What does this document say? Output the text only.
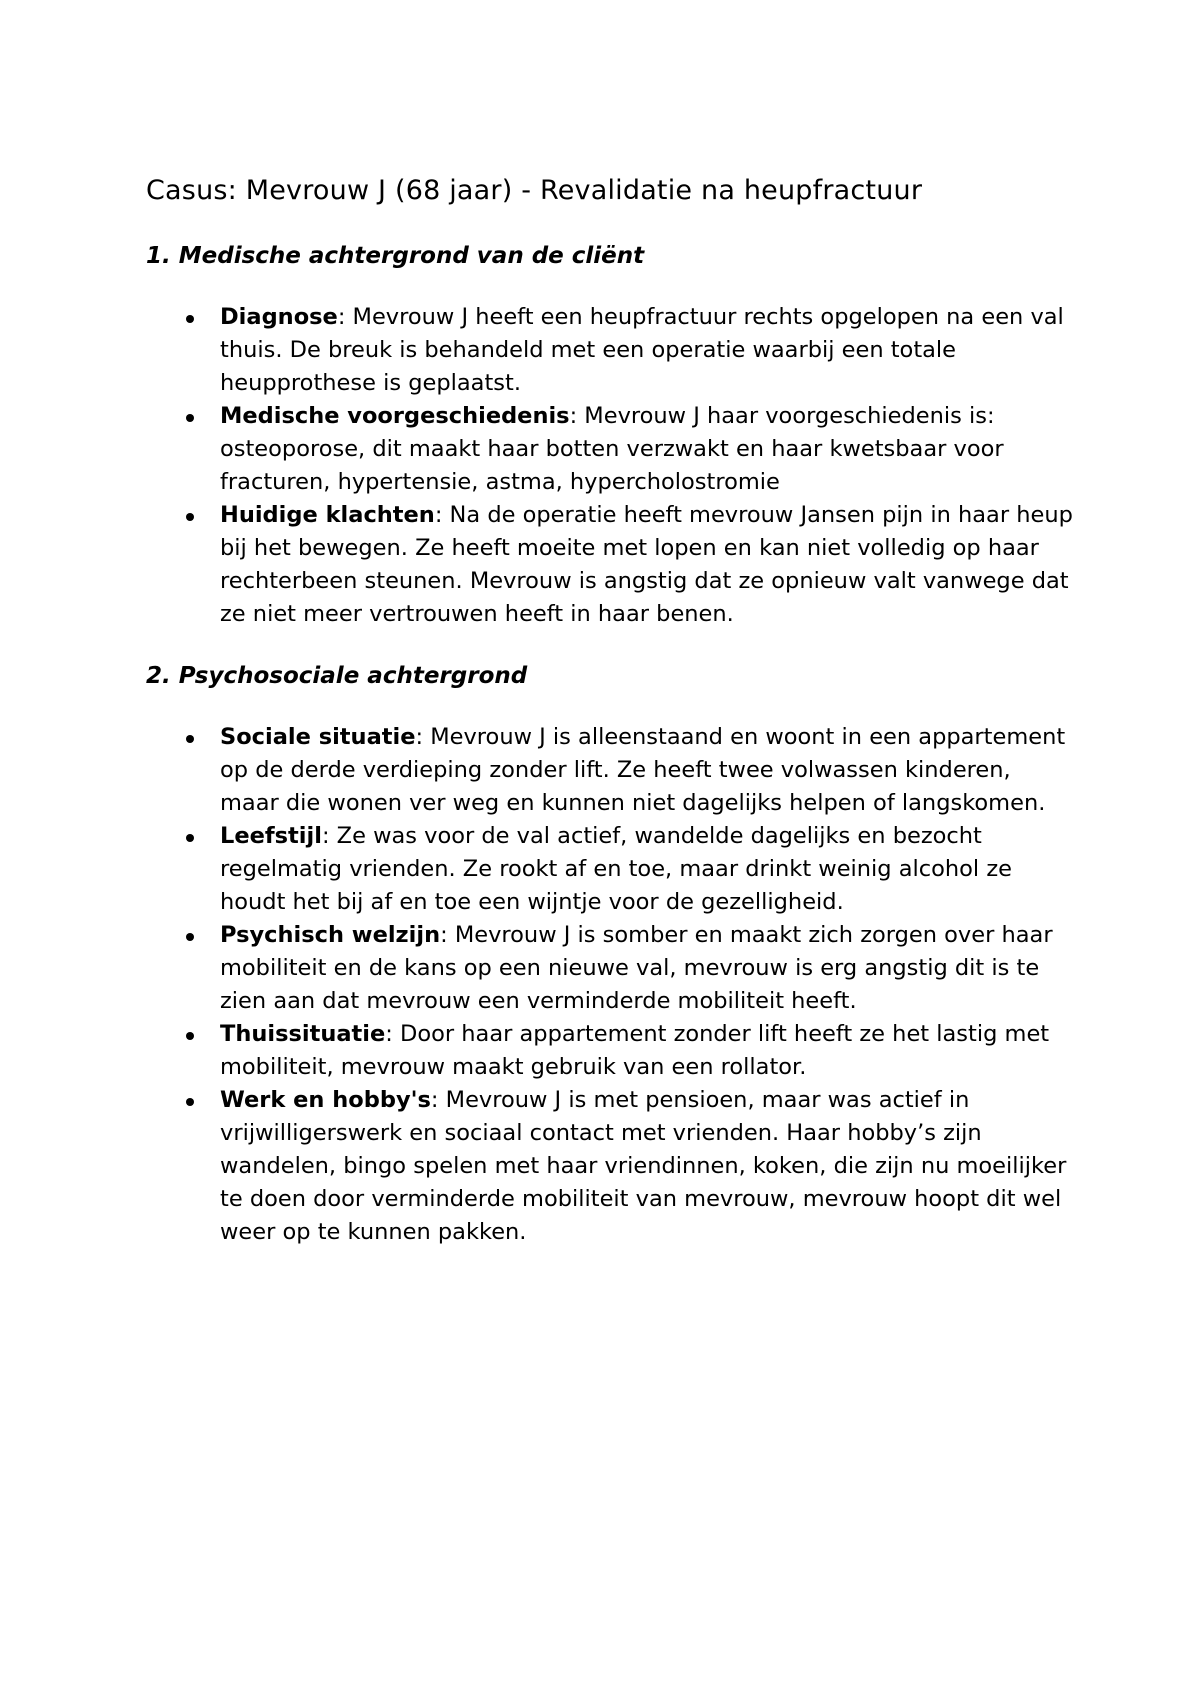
Casus: Mevrouw J (68 jaar) - Revalidatie na heupfractuur
1. Medische achtergrond van de cliënt
Diagnose: Mevrouw J heeft een heupfractuur rechts opgelopen na een val thuis. De breuk is behandeld met een operatie waarbij een totale heupprothese is geplaatst.
Medische voorgeschiedenis: Mevrouw J haar voorgeschiedenis is: osteoporose, dit maakt haar botten verzwakt en haar kwetsbaar voor fracturen, hypertensie, astma, hypercholostromie
Huidige klachten: Na de operatie heeft mevrouw Jansen pijn in haar heup bij het bewegen. Ze heeft moeite met lopen en kan niet volledig op haar rechterbeen steunen. Mevrouw is angstig dat ze opnieuw valt vanwege dat ze niet meer vertrouwen heeft in haar benen.
2. Psychosociale achtergrond
Sociale situatie: Mevrouw J is alleenstaand en woont in een appartement op de derde verdieping zonder lift. Ze heeft twee volwassen kinderen, maar die wonen ver weg en kunnen niet dagelijks helpen of langskomen.
Leefstijl: Ze was voor de val actief, wandelde dagelijks en bezocht regelmatig vrienden. Ze rookt af en toe, maar drinkt weinig alcohol ze houdt het bij af en toe een wijntje voor de gezelligheid.
Psychisch welzijn: Mevrouw J is somber en maakt zich zorgen over haar mobiliteit en de kans op een nieuwe val, mevrouw is erg angstig dit is te zien aan dat mevrouw een verminderde mobiliteit heeft.
Thuissituatie: Door haar appartement zonder lift heeft ze het lastig met mobiliteit, mevrouw maakt gebruik van een rollator.
Werk en hobby's: Mevrouw J is met pensioen, maar was actief in vrijwilligerswerk en sociaal contact met vrienden. Haar hobby’s zijn wandelen, bingo spelen met haar vriendinnen, koken, die zijn nu moeilijker te doen door verminderde mobiliteit van mevrouw, mevrouw hoopt dit wel weer op te kunnen pakken.
